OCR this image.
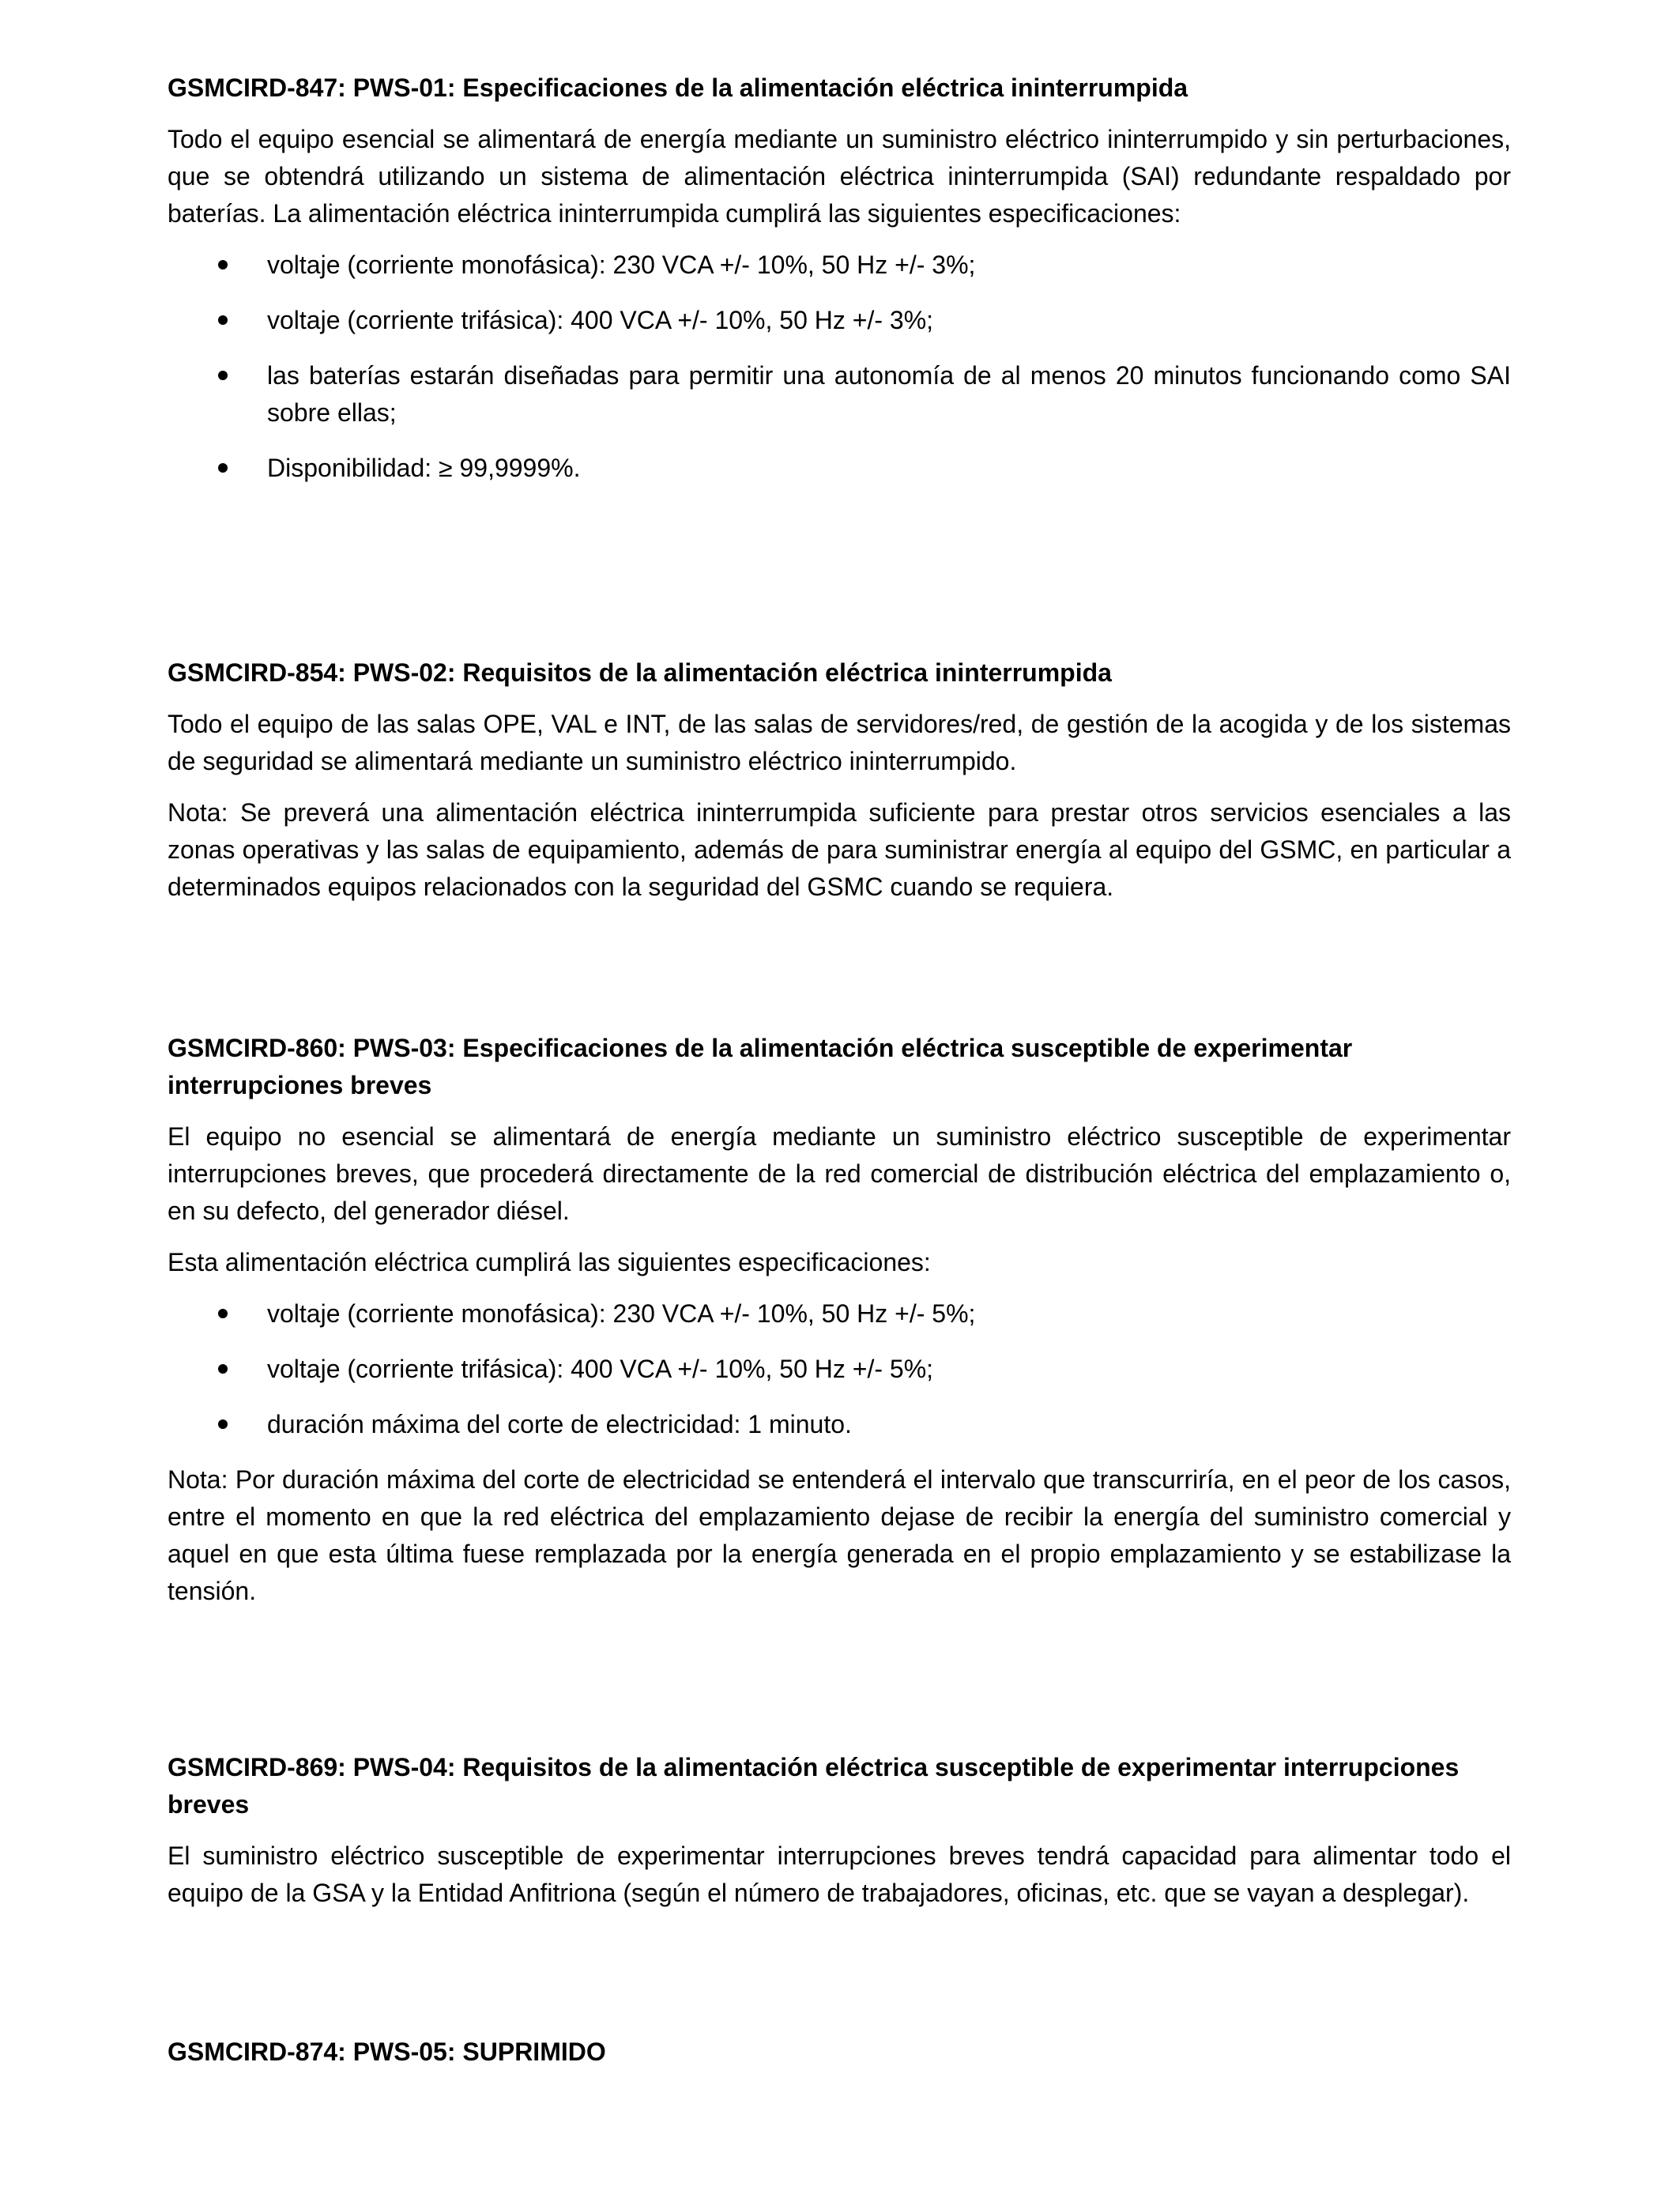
GSMCIRD-847: PWS-01: Especificaciones de la alimentación eléctrica ininterrumpida

Todo el equipo esencial se alimentará de energía mediante un suministro eléctrico ininterrumpido y sin perturbaciones, que se obtendrá utilizando un sistema de alimentación eléctrica ininterrumpida (SAI) redundante respaldado por baterías. La alimentación eléctrica ininterrumpida cumplirá las siguientes especificaciones:

voltaje (corriente monofásica): 230 VCA +/- 10%, 50 Hz +/- 3%;
voltaje (corriente trifásica): 400 VCA +/- 10%, 50 Hz +/- 3%;
las baterías estarán diseñadas para permitir una autonomía de al menos 20 minutos funcionando como SAI sobre ellas;
Disponibilidad: ≥ 99,9999%.

GSMCIRD-854: PWS-02: Requisitos de la alimentación eléctrica ininterrumpida

Todo el equipo de las salas OPE, VAL e INT, de las salas de servidores/red, de gestión de la acogida y de los sistemas de seguridad se alimentará mediante un suministro eléctrico ininterrumpido.

Nota: Se preverá una alimentación eléctrica ininterrumpida suficiente para prestar otros servicios esenciales a las zonas operativas y las salas de equipamiento, además de para suministrar energía al equipo del GSMC, en particular a determinados equipos relacionados con la seguridad del GSMC cuando se requiera.

GSMCIRD-860: PWS-03: Especificaciones de la alimentación eléctrica susceptible de experimentar interrupciones breves

El equipo no esencial se alimentará de energía mediante un suministro eléctrico susceptible de experimentar interrupciones breves, que procederá directamente de la red comercial de distribución eléctrica del emplazamiento o, en su defecto, del generador diésel.

Esta alimentación eléctrica cumplirá las siguientes especificaciones:

voltaje (corriente monofásica): 230 VCA +/- 10%, 50 Hz +/- 5%;
voltaje (corriente trifásica): 400 VCA +/- 10%, 50 Hz +/- 5%;
duración máxima del corte de electricidad: 1 minuto.

Nota: Por duración máxima del corte de electricidad se entenderá el intervalo que transcurriría, en el peor de los casos, entre el momento en que la red eléctrica del emplazamiento dejase de recibir la energía del suministro comercial y aquel en que esta última fuese remplazada por la energía generada en el propio emplazamiento y se estabilizase la tensión.

GSMCIRD-869: PWS-04: Requisitos de la alimentación eléctrica susceptible de experimentar interrupciones breves

El suministro eléctrico susceptible de experimentar interrupciones breves tendrá capacidad para alimentar todo el equipo de la GSA y la Entidad Anfitriona (según el número de trabajadores, oficinas, etc. que se vayan a desplegar).

GSMCIRD-874: PWS-05: SUPRIMIDO
